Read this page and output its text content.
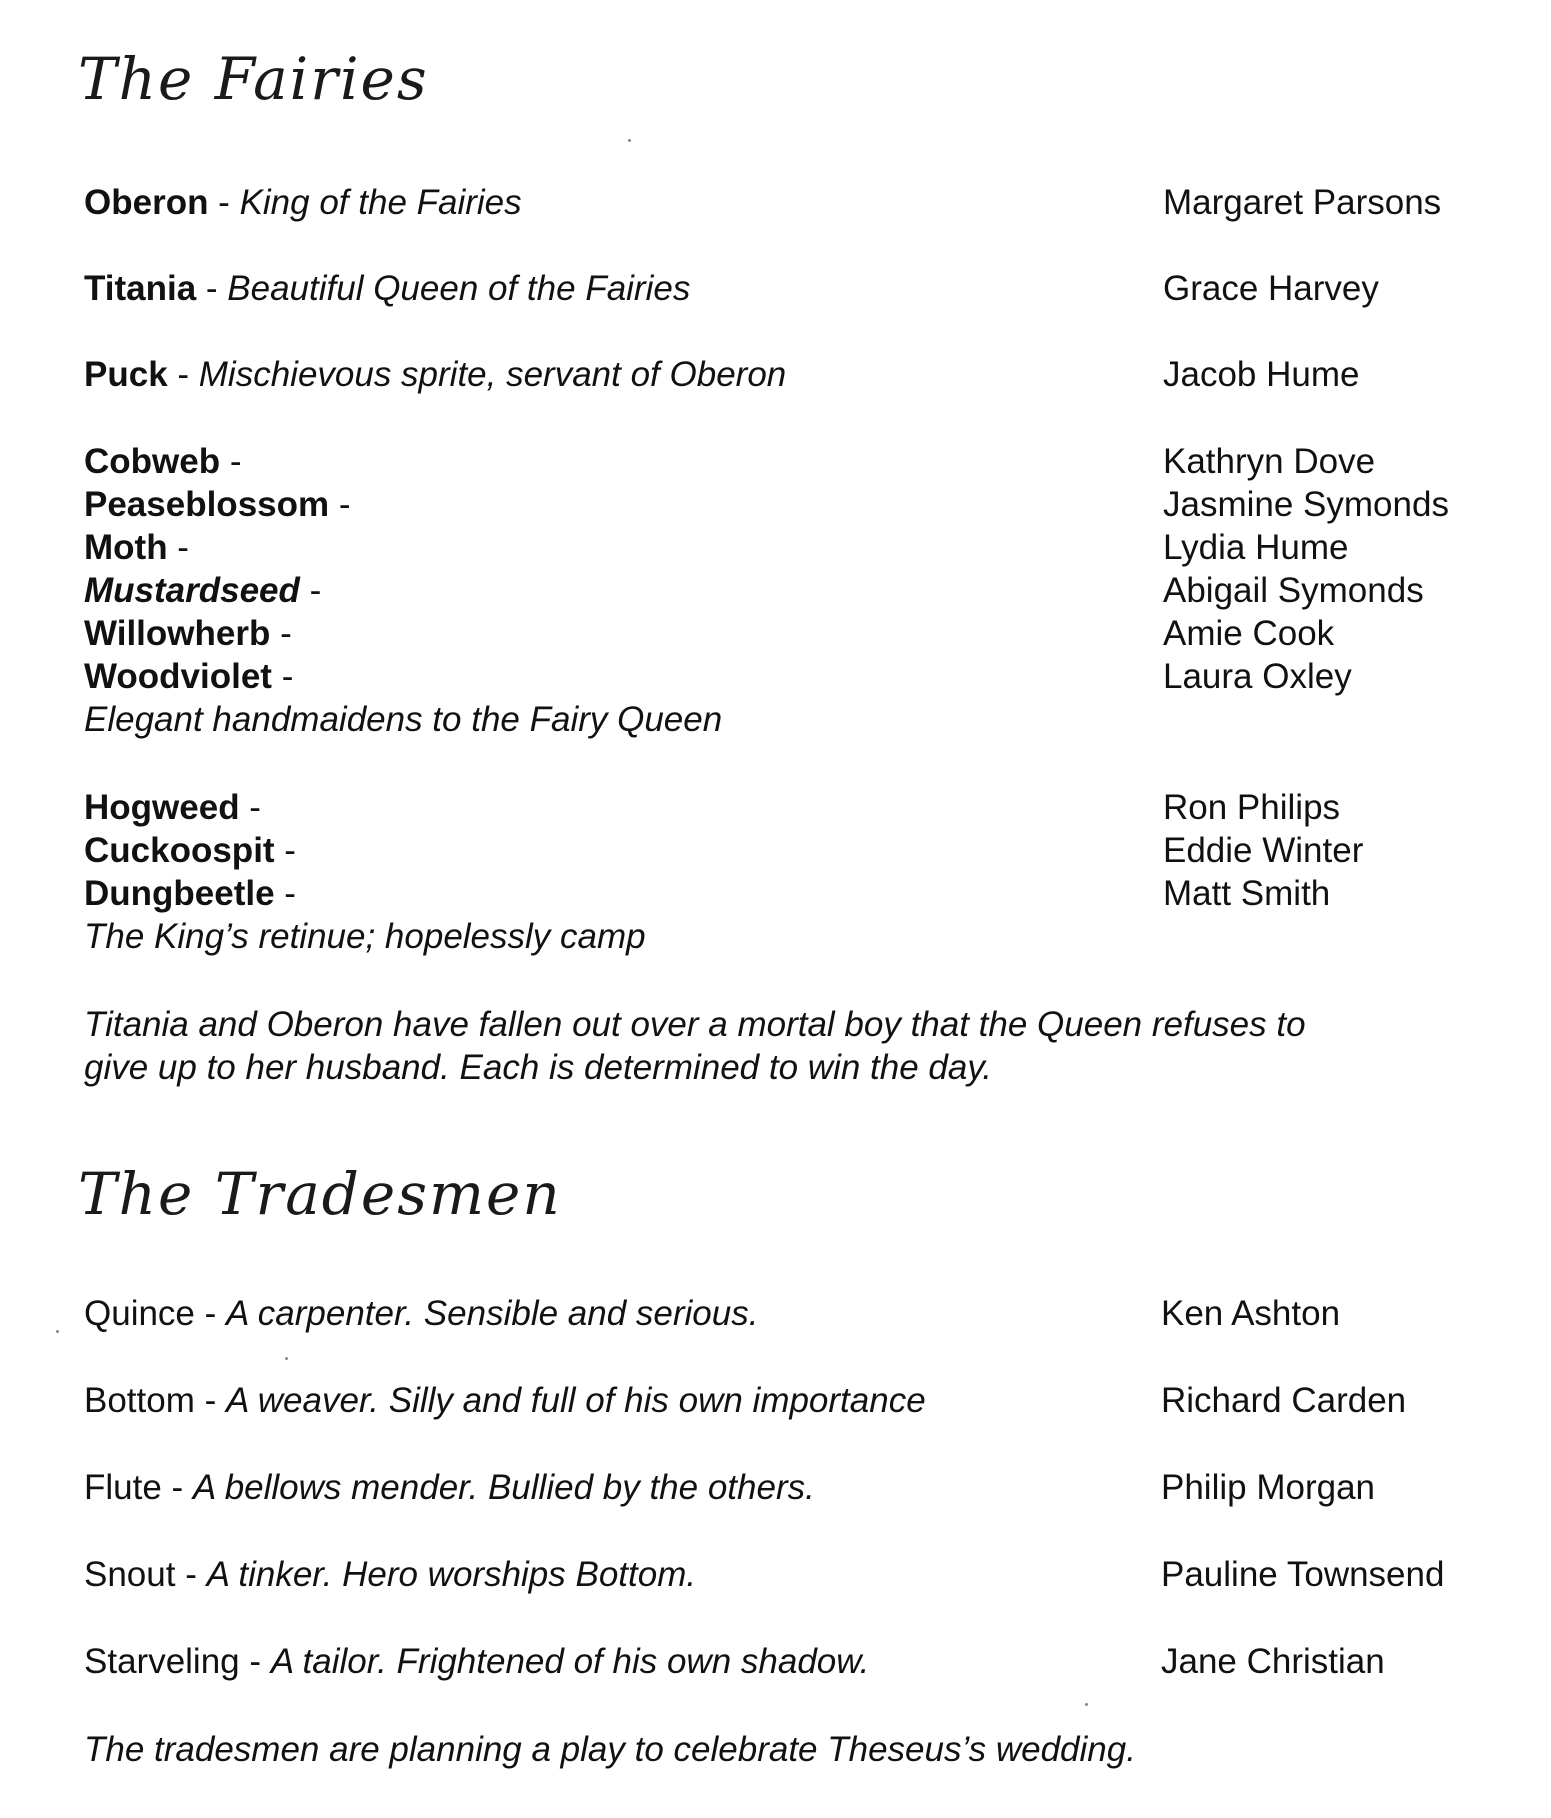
The Fairies
Oberon - King of the Fairies	Margaret Parsons
Titania - Beautiful Queen of the Fairies	Grace Harvey
Puck - Mischievous sprite, servant of Oberon	Jacob Hume
Cobweb -	Kathryn Dove
Peaseblossom -	Jasmine Symonds
Moth -	Lydia Hume
Mustardseed -	Abigail Symonds
Willowherb -	Amie Cook
Woodviolet -	Laura Oxley
Elegant handmaidens to the Fairy Queen
Hogweed -	Ron Philips
Cuckoospit -	Eddie Winter
Dungbeetle -	Matt Smith
The King’s retinue; hopelessly camp
Titania and Oberon have fallen out over a mortal boy that the Queen refuses to
give up to her husband. Each is determined to win the day.
The Tradesmen
Quince - A carpenter. Sensible and serious.	Ken Ashton
Bottom - A weaver. Silly and full of his own importance	Richard Carden
Flute - A bellows mender. Bullied by the others.	Philip Morgan
Snout - A tinker. Hero worships Bottom.	Pauline Townsend
Starveling - A tailor. Frightened of his own shadow.	Jane Christian
The tradesmen are planning a play to celebrate Theseus’s wedding.
